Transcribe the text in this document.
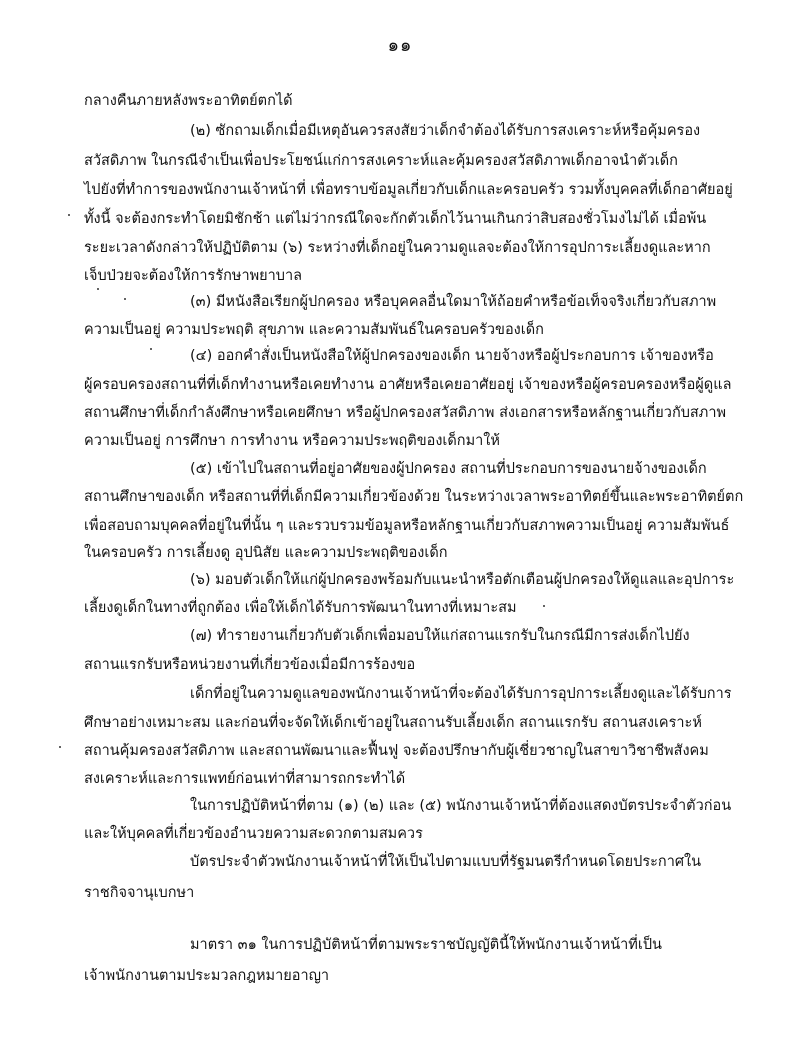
๑๑
กลางคืนภายหลังพระอาทิตย์ตกได้
(๒) ซักถามเด็กเมื่อมีเหตุอันควรสงสัยว่าเด็กจำต้องได้รับการสงเคราะห์หรือคุ้มครอง
สวัสดิภาพ ในกรณีจำเป็นเพื่อประโยชน์แก่การสงเคราะห์และคุ้มครองสวัสดิภาพเด็กอาจนำตัวเด็ก
ไปยังที่ทำการของพนักงานเจ้าหน้าที่ เพื่อทราบข้อมูลเกี่ยวกับเด็กและครอบครัว รวมทั้งบุคคลที่เด็กอาศัยอยู่
ทั้งนี้ จะต้องกระทำโดยมิชักช้า แต่ไม่ว่ากรณีใดจะกักตัวเด็กไว้นานเกินกว่าสิบสองชั่วโมงไม่ได้ เมื่อพ้น
ระยะเวลาดังกล่าวให้ปฏิบัติตาม (๖) ระหว่างที่เด็กอยู่ในความดูแลจะต้องให้การอุปการะเลี้ยงดูและหาก
เจ็บป่วยจะต้องให้การรักษาพยาบาล
(๓) มีหนังสือเรียกผู้ปกครอง หรือบุคคลอื่นใดมาให้ถ้อยคำหรือข้อเท็จจริงเกี่ยวกับสภาพ
ความเป็นอยู่ ความประพฤติ สุขภาพ และความสัมพันธ์ในครอบครัวของเด็ก
(๔) ออกคำสั่งเป็นหนังสือให้ผู้ปกครองของเด็ก นายจ้างหรือผู้ประกอบการ เจ้าของหรือ
ผู้ครอบครองสถานที่ที่เด็กทำงานหรือเคยทำงาน อาศัยหรือเคยอาศัยอยู่ เจ้าของหรือผู้ครอบครองหรือผู้ดูแล
สถานศึกษาที่เด็กกำลังศึกษาหรือเคยศึกษา หรือผู้ปกครองสวัสดิภาพ ส่งเอกสารหรือหลักฐานเกี่ยวกับสภาพ
ความเป็นอยู่ การศึกษา การทำงาน หรือความประพฤติของเด็กมาให้
(๕) เข้าไปในสถานที่อยู่อาศัยของผู้ปกครอง สถานที่ประกอบการของนายจ้างของเด็ก
สถานศึกษาของเด็ก หรือสถานที่ที่เด็กมีความเกี่ยวข้องด้วย ในระหว่างเวลาพระอาทิตย์ขึ้นและพระอาทิตย์ตก
เพื่อสอบถามบุคคลที่อยู่ในที่นั้น ๆ และรวบรวมข้อมูลหรือหลักฐานเกี่ยวกับสภาพความเป็นอยู่ ความสัมพันธ์
ในครอบครัว การเลี้ยงดู อุปนิสัย และความประพฤติของเด็ก
(๖) มอบตัวเด็กให้แก่ผู้ปกครองพร้อมกับแนะนำหรือตักเตือนผู้ปกครองให้ดูแลและอุปการะ
เลี้ยงดูเด็กในทางที่ถูกต้อง เพื่อให้เด็กได้รับการพัฒนาในทางที่เหมาะสม
(๗) ทำรายงานเกี่ยวกับตัวเด็กเพื่อมอบให้แก่สถานแรกรับในกรณีมีการส่งเด็กไปยัง
สถานแรกรับหรือหน่วยงานที่เกี่ยวข้องเมื่อมีการร้องขอ
เด็กที่อยู่ในความดูแลของพนักงานเจ้าหน้าที่จะต้องได้รับการอุปการะเลี้ยงดูและได้รับการ
ศึกษาอย่างเหมาะสม และก่อนที่จะจัดให้เด็กเข้าอยู่ในสถานรับเลี้ยงเด็ก สถานแรกรับ สถานสงเคราะห์
สถานคุ้มครองสวัสดิภาพ และสถานพัฒนาและฟื้นฟู จะต้องปรึกษากับผู้เชี่ยวชาญในสาขาวิชาชีพสังคม
สงเคราะห์และการแพทย์ก่อนเท่าที่สามารถกระทำได้
ในการปฏิบัติหน้าที่ตาม (๑) (๒) และ (๕) พนักงานเจ้าหน้าที่ต้องแสดงบัตรประจำตัวก่อน
และให้บุคคลที่เกี่ยวข้องอำนวยความสะดวกตามสมควร
บัตรประจำตัวพนักงานเจ้าหน้าที่ให้เป็นไปตามแบบที่รัฐมนตรีกำหนดโดยประกาศใน
ราชกิจจานุเบกษา
มาตรา ๓๑ ในการปฏิบัติหน้าที่ตามพระราชบัญญัตินี้ให้พนักงานเจ้าหน้าที่เป็น
เจ้าพนักงานตามประมวลกฎหมายอาญา
